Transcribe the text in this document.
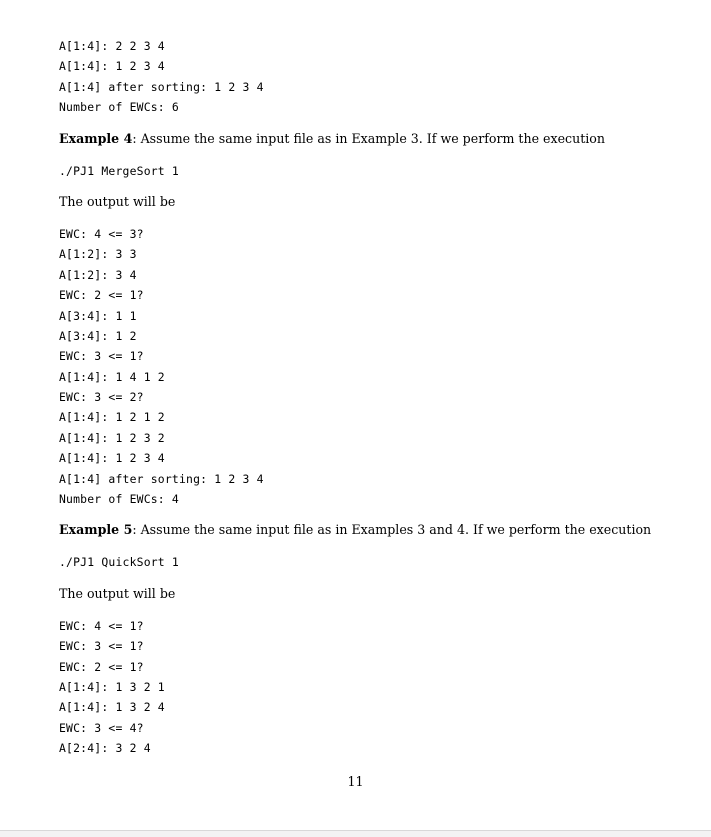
A[1:4]: 2 2 3 4
A[1:4]: 1 2 3 4
A[1:4] after sorting: 1 2 3 4
Number of EWCs: 6
Example 4: Assume the same input file as in Example 3. If we perform the execution
./PJ1 MergeSort 1
The output will be
EWC: 4 <= 3?
A[1:2]: 3 3
A[1:2]: 3 4
EWC: 2 <= 1?
A[3:4]: 1 1
A[3:4]: 1 2
EWC: 3 <= 1?
A[1:4]: 1 4 1 2
EWC: 3 <= 2?
A[1:4]: 1 2 1 2
A[1:4]: 1 2 3 2
A[1:4]: 1 2 3 4
A[1:4] after sorting: 1 2 3 4
Number of EWCs: 4
Example 5: Assume the same input file as in Examples 3 and 4. If we perform the execution
./PJ1 QuickSort 1
The output will be
EWC: 4 <= 1?
EWC: 3 <= 1?
EWC: 2 <= 1?
A[1:4]: 1 3 2 1
A[1:4]: 1 3 2 4
EWC: 3 <= 4?
A[2:4]: 3 2 4
11
